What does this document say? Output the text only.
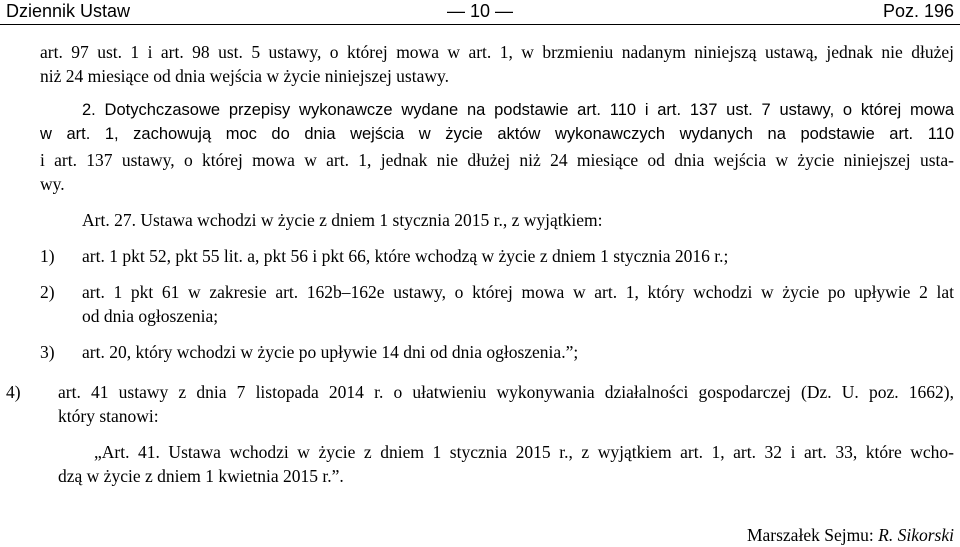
Dziennik Ustaw	— 10 —	Poz. 196
art. 97 ust. 1 i art. 98 ust. 5 ustawy, o której mowa w art. 1, w brzmieniu nadanym niniejszą ustawą, jednak nie dłużej
niż 24 miesiące od dnia wejścia w życie niniejszej ustawy.
2. Dotychczasowe przepisy wykonawcze wydane na podstawie art. 110 i art. 137 ust. 7 ustawy, o której mowa
w art. 1, zachowują moc do dnia wejścia w życie aktów wykonawczych wydanych na podstawie art. 110
i art. 137 ustawy, o której mowa w art. 1, jednak nie dłużej niż 24 miesiące od dnia wejścia w życie niniejszej usta-
wy.
Art. 27. Ustawa wchodzi w życie z dniem 1 stycznia 2015 r., z wyjątkiem:
1) art. 1 pkt 52, pkt 55 lit. a, pkt 56 i pkt 66, które wchodzą w życie z dniem 1 stycznia 2016 r.;
2) art. 1 pkt 61 w zakresie art. 162b–162e ustawy, o której mowa w art. 1, który wchodzi w życie po upływie 2 lat
od dnia ogłoszenia;
3) art. 20, który wchodzi w życie po upływie 14 dni od dnia ogłoszenia.”;
4) art. 41 ustawy z dnia 7 listopada 2014 r. o ułatwieniu wykonywania działalności gospodarczej (Dz. U. poz. 1662),
który stanowi:
„Art. 41. Ustawa wchodzi w życie z dniem 1 stycznia 2015 r., z wyjątkiem art. 1, art. 32 i art. 33, które wcho-
dzą w życie z dniem 1 kwietnia 2015 r.”.
Marszałek Sejmu: R. Sikorski
